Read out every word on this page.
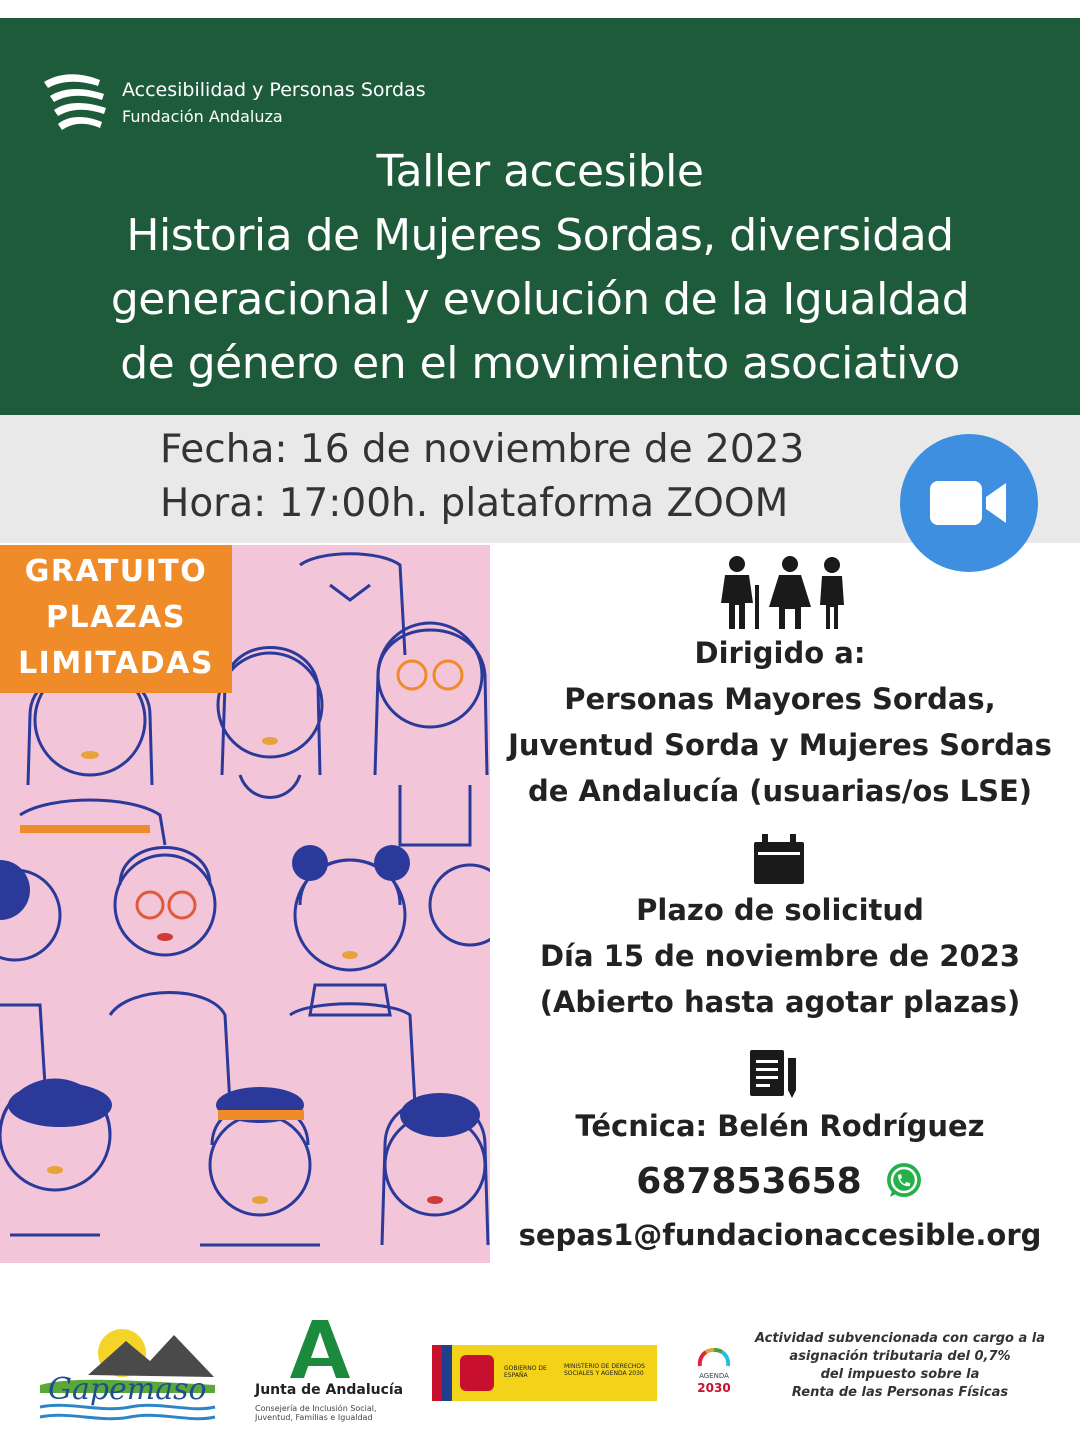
Accesibilidad y Personas Sordas
Fundación Andaluza
Taller accesible
Historia de Mujeres Sordas, diversidad
generacional y evolución de la Igualdad
de género en el movimiento asociativo
Fecha: 16 de noviembre de 2023
Hora: 17:00h. plataforma ZOOM
GRATUITO
PLAZAS
LIMITADAS	Dirigido a:
Personas Mayores Sordas,
Juventud Sorda y Mujeres Sordas
de Andalucía (usuarias/os LSE)
Plazo de solicitud
Día 15 de noviembre de 2023
(Abierto hasta agotar plazas)
Técnica: Belén Rodríguez
687853658
sepas1@fundacionaccesible.org
Gapemaso	Junta de Andalucía
Consejería de Inclusión Social, Juventud, Familias e Igualdad
GOBIERNO DE ESPAÑA
MINISTERIO DE DERECHOS SOCIALES Y AGENDA 2030	AGENDA
2030
Actividad subvencionada con cargo a la
asignación tributaria del 0,7%
del impuesto sobre la
Renta de las Personas Físicas
